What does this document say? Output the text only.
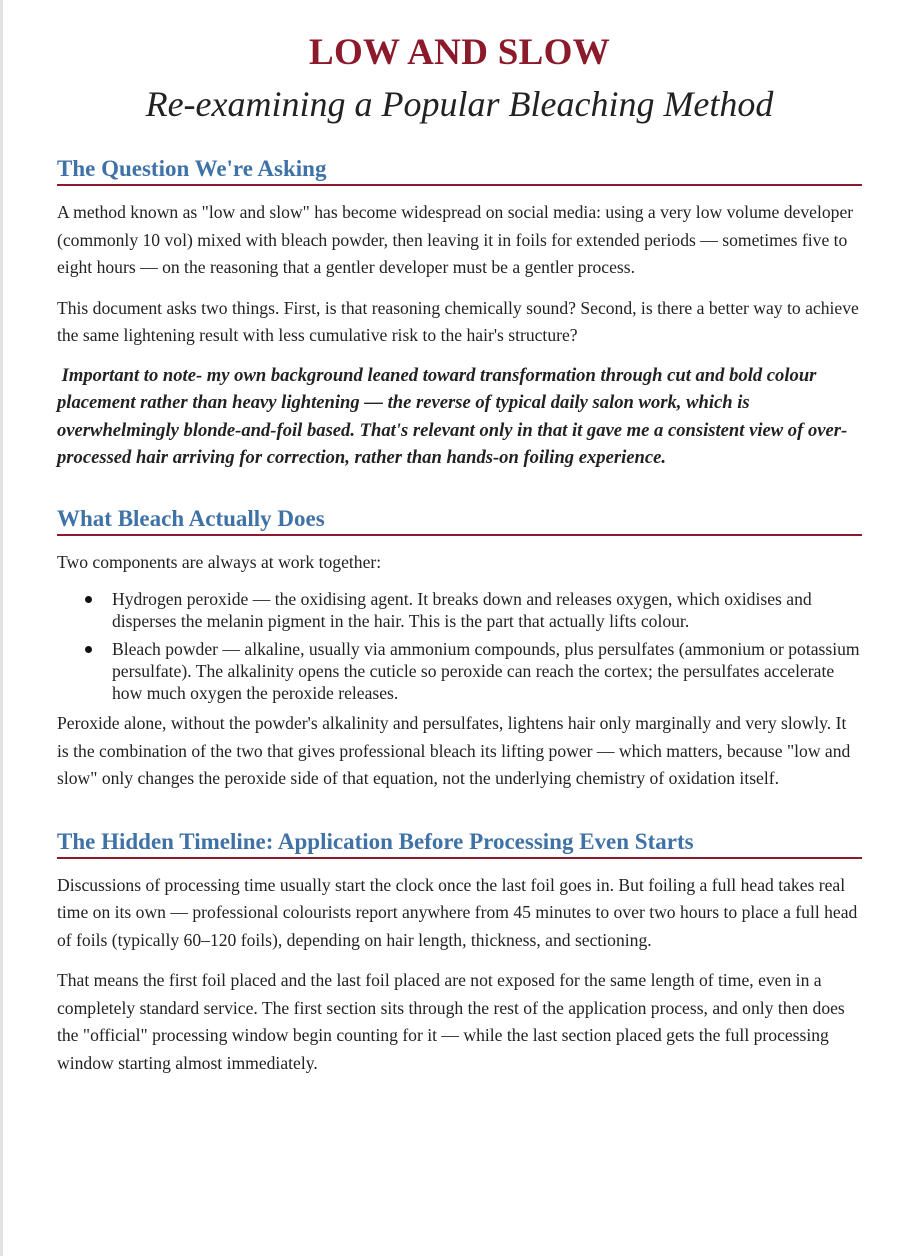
LOW AND SLOW
Re-examining a Popular Bleaching Method
The Question We're Asking

A method known as "low and slow" has become widespread on social media: using a very low volume developer (commonly 10 vol) mixed with bleach powder, then leaving it in foils for extended periods — sometimes five to eight hours — on the reasoning that a gentler developer must be a gentler process.

This document asks two things. First, is that reasoning chemically sound? Second, is there a better way to achieve the same lightening result with less cumulative risk to the hair's structure?

Important to note- my own background leaned toward transformation through cut and bold colour placement rather than heavy lightening — the reverse of typical daily salon work, which is overwhelmingly blonde-and-foil based. That's relevant only in that it gave me a consistent view of over-processed hair arriving for correction, rather than hands-on foiling experience.

What Bleach Actually Does

Two components are always at work together:

Hydrogen peroxide — the oxidising agent. It breaks down and releases oxygen, which oxidises and disperses the melanin pigment in the hair. This is the part that actually lifts colour.
Bleach powder — alkaline, usually via ammonium compounds, plus persulfates (ammonium or potassium persulfate). The alkalinity opens the cuticle so peroxide can reach the cortex; the persulfates accelerate how much oxygen the peroxide releases.

Peroxide alone, without the powder's alkalinity and persulfates, lightens hair only marginally and very slowly. It is the combination of the two that gives professional bleach its lifting power — which matters, because "low and slow" only changes the peroxide side of that equation, not the underlying chemistry of oxidation itself.

The Hidden Timeline: Application Before Processing Even Starts

Discussions of processing time usually start the clock once the last foil goes in. But foiling a full head takes real time on its own — professional colourists report anywhere from 45 minutes to over two hours to place a full head of foils (typically 60–120 foils), depending on hair length, thickness, and sectioning.

That means the first foil placed and the last foil placed are not exposed for the same length of time, even in a completely standard service. The first section sits through the rest of the application process, and only then does the "official" processing window begin counting for it — while the last section placed gets the full processing window starting almost immediately.
